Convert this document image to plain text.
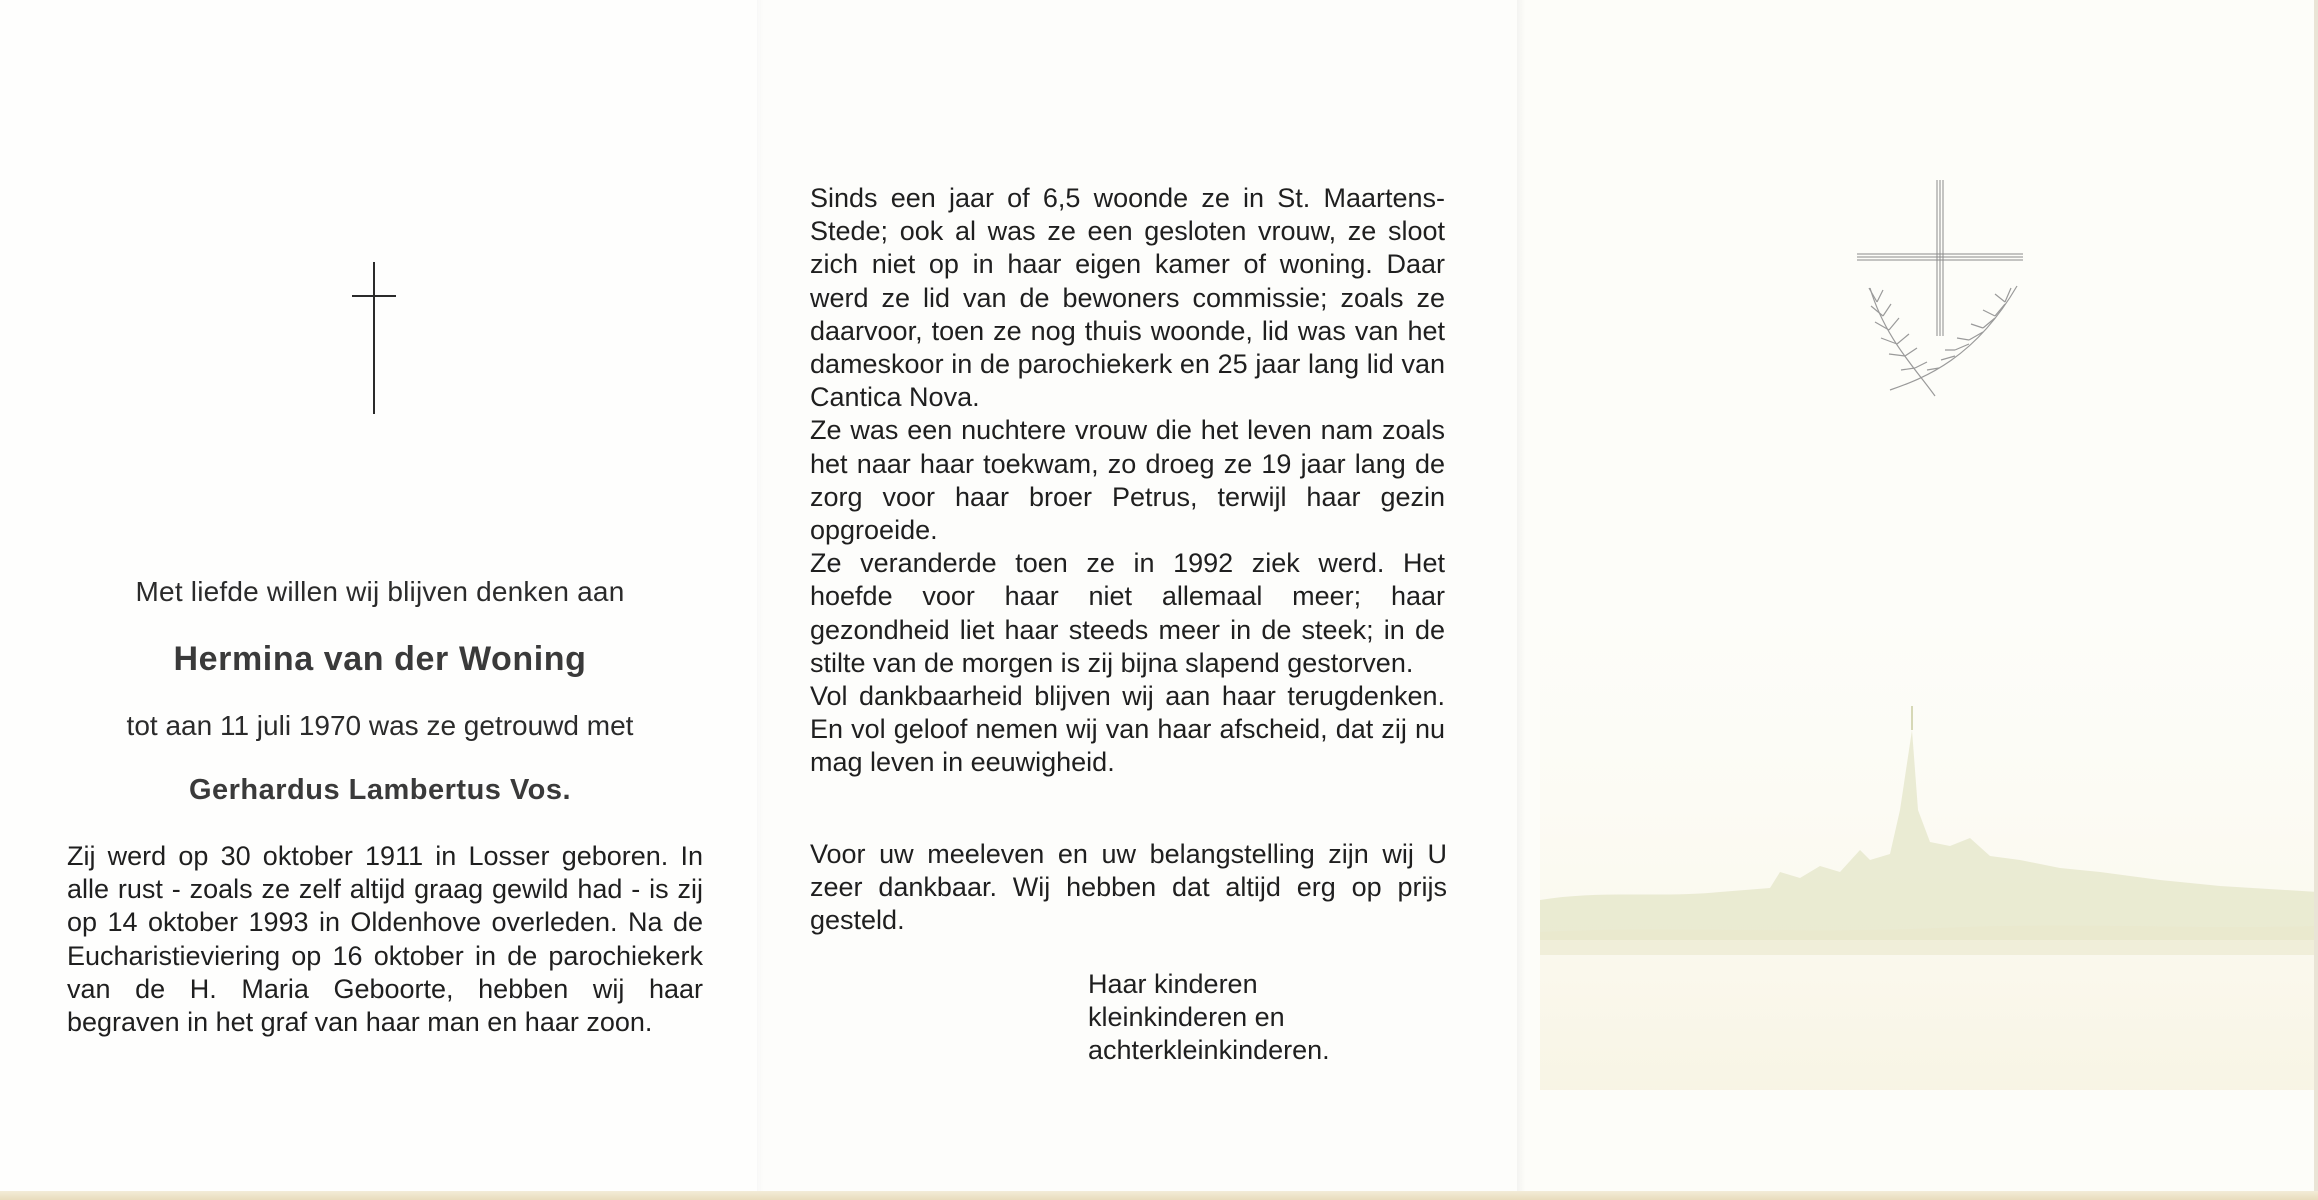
Met liefde willen wij blijven denken aan

Hermina van der Woning

tot aan 11 juli 1970 was ze getrouwd met

Gerhardus Lambertus Vos.

Zij werd op 30 oktober 1911 in Losser geboren. In alle rust - zoals ze zelf altijd graag gewild had - is zij op 14 oktober 1993 in Oldenhove overleden. Na de Eucharistieviering op 16 oktober in de parochiekerk van de H. Maria Geboorte, hebben wij haar begraven in het graf van haar man en haar zoon.

Sinds een jaar of 6,5 woonde ze in St. Maartens-Stede; ook al was ze een gesloten vrouw, ze sloot zich niet op in haar eigen kamer of woning. Daar werd ze lid van de bewoners commissie; zoals ze daarvoor, toen ze nog thuis woonde, lid was van het dameskoor in de parochiekerk en 25 jaar lang lid van Cantica Nova.

Ze was een nuchtere vrouw die het leven nam zoals het naar haar toekwam, zo droeg ze 19 jaar lang de zorg voor haar broer Petrus, terwijl haar gezin opgroeide.

Ze veranderde toen ze in 1992 ziek werd. Het hoefde voor haar niet allemaal meer; haar gezondheid liet haar steeds meer in de steek; in de stilte van de morgen is zij bijna slapend gestorven.

Vol dankbaarheid blijven wij aan haar terugdenken. En vol geloof nemen wij van haar afscheid, dat zij nu mag leven in eeuwigheid.

Voor uw meeleven en uw belangstelling zijn wij U zeer dankbaar. Wij hebben dat altijd erg op prijs gesteld.

Haar kinderen
kleinkinderen en
achterkleinkinderen.
